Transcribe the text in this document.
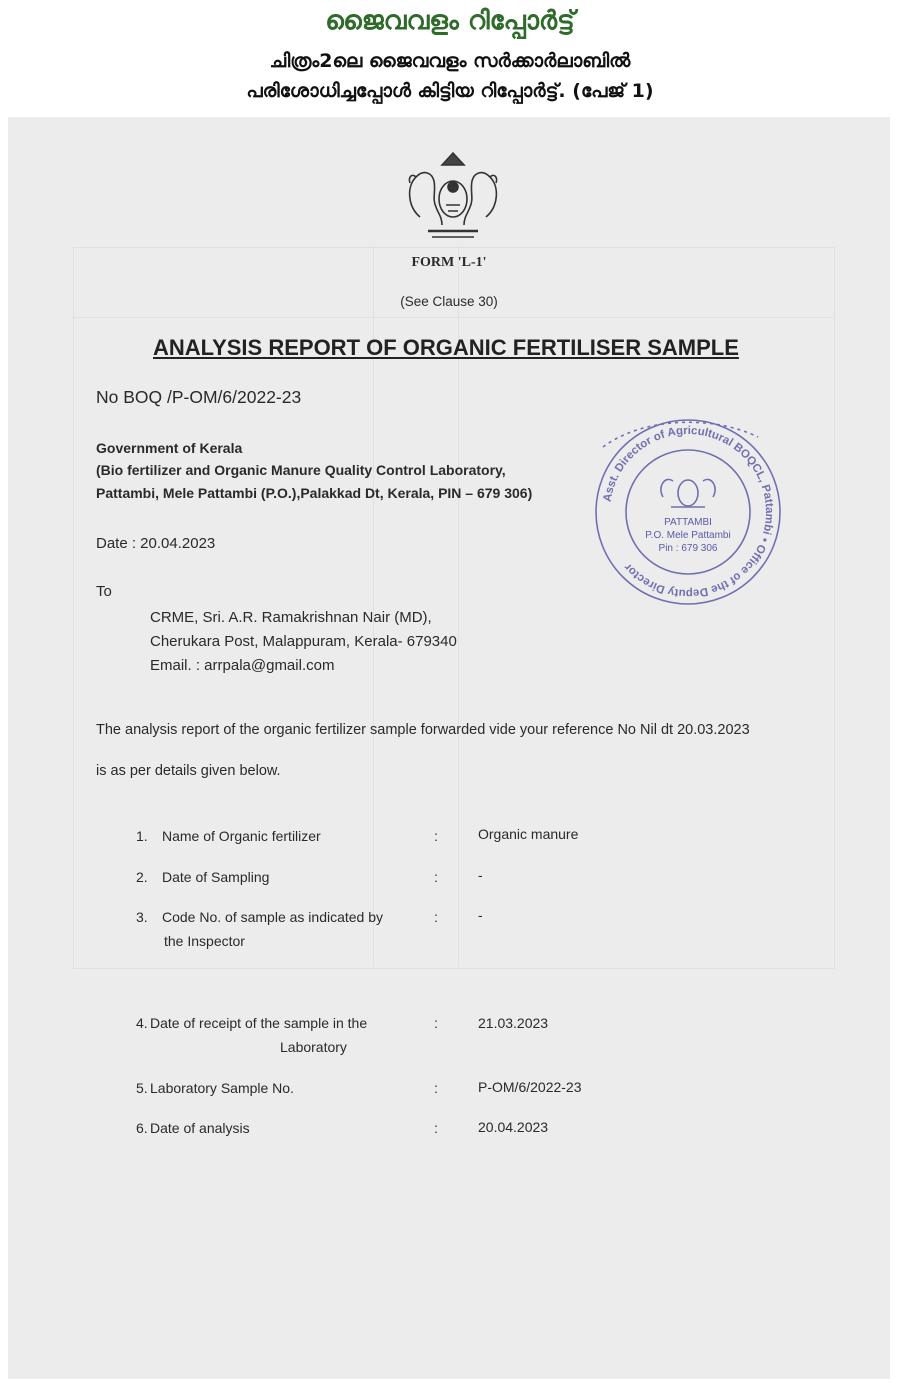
ജൈവവളം റിപ്പോർട്ട്
ചിത്രം2ലെ ജൈവവളം സർക്കാർലാബിൽ
പരിശോധിച്ചപ്പോൾ കിട്ടിയ റിപ്പോർട്ട്. (പേജ് 1)
FORM 'L-1'
(See Clause 30)
ANALYSIS REPORT OF ORGANIC FERTILISER SAMPLE
No BOQ /P-OM/6/2022-23
Government of Kerala
(Bio fertilizer and Organic Manure Quality Control Laboratory,
Pattambi, Mele Pattambi (P.O.),Palakkad Dt, Kerala, PIN – 679 306)
Date : 20.04.2023
To
CRME, Sri. A.R. Ramakrishnan Nair (MD),
Cherukara Post, Malappuram, Kerala- 679340
Email. : arrpala@gmail.com
The analysis report of the organic fertilizer sample forwarded vide your reference No Nil dt 20.03.2023
is as per details given below.
1. Name of Organic fertilizer	:	Organic manure
2. Date of Sampling	:	-
3. Code No. of sample as indicated by
the Inspector
:	-
4. Date of receipt of the sample in the
Laboratory
:	21.03.2023
5. Laboratory Sample No.	:	P-OM/6/2022-23
6. Date of analysis	:	20.04.2023
Asst. Director of Agricultural BOQCL, Pattambi • Office of the Deputy Director
PATTAMBI
P.O. Mele Pattambi
Pin : 679 306
